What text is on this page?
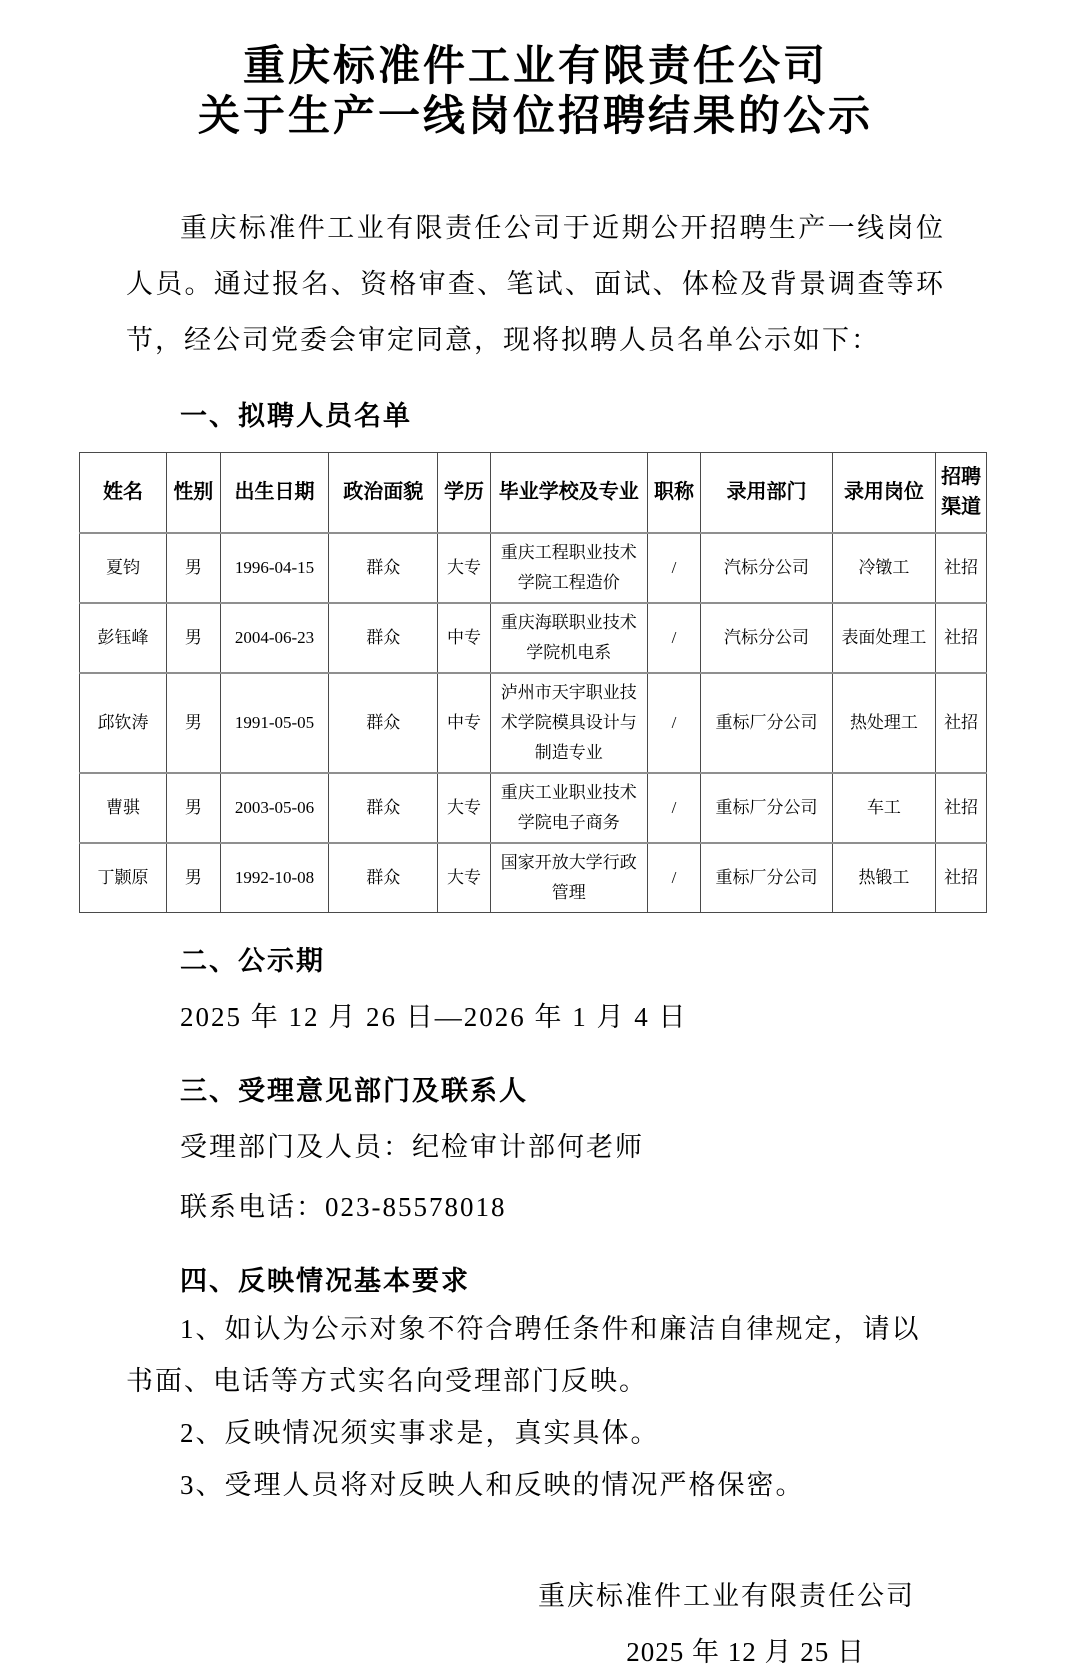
重庆标准件工业有限责任公司
关于生产一线岗位招聘结果的公示

重庆标准件工业有限责任公司于近期公开招聘生产一线岗位人员。通过报名、资格审查、笔试、面试、体检及背景调查等环节，经公司党委会审定同意，现将拟聘人员名单公示如下：

一、拟聘人员名单
姓名	性别	出生日期	政治面貌	学历	毕业学校及专业	职称	录用部门	录用岗位	招聘渠道
夏钧	男	1996-04-15	群众	大专	重庆工程职业技术学院工程造价	/	汽标分公司	冷镦工	社招
彭钰峰	男	2004-06-23	群众	中专	重庆海联职业技术学院机电系	/	汽标分公司	表面处理工	社招
邱钦涛	男	1991-05-05	群众	中专	泸州市天宇职业技术学院模具设计与制造专业	/	重标厂分公司	热处理工	社招
曹骐	男	2003-05-06	群众	大专	重庆工业职业技术学院电子商务	/	重标厂分公司	车工	社招
丁颢原	男	1992-10-08	群众	大专	国家开放大学行政管理	/	重标厂分公司	热锻工	社招
二、公示期

2025 年 12 月 26 日—2026 年 1 月 4 日

三、受理意见部门及联系人

受理部门及人员：纪检审计部何老师

联系电话：023-85578018

四、反映情况基本要求

1、如认为公示对象不符合聘任条件和廉洁自律规定，请以书面、电话等方式实名向受理部门反映。

2、反映情况须实事求是，真实具体。

3、受理人员将对反映人和反映的情况严格保密。

重庆标准件工业有限责任公司

2025 年 12 月 25 日
